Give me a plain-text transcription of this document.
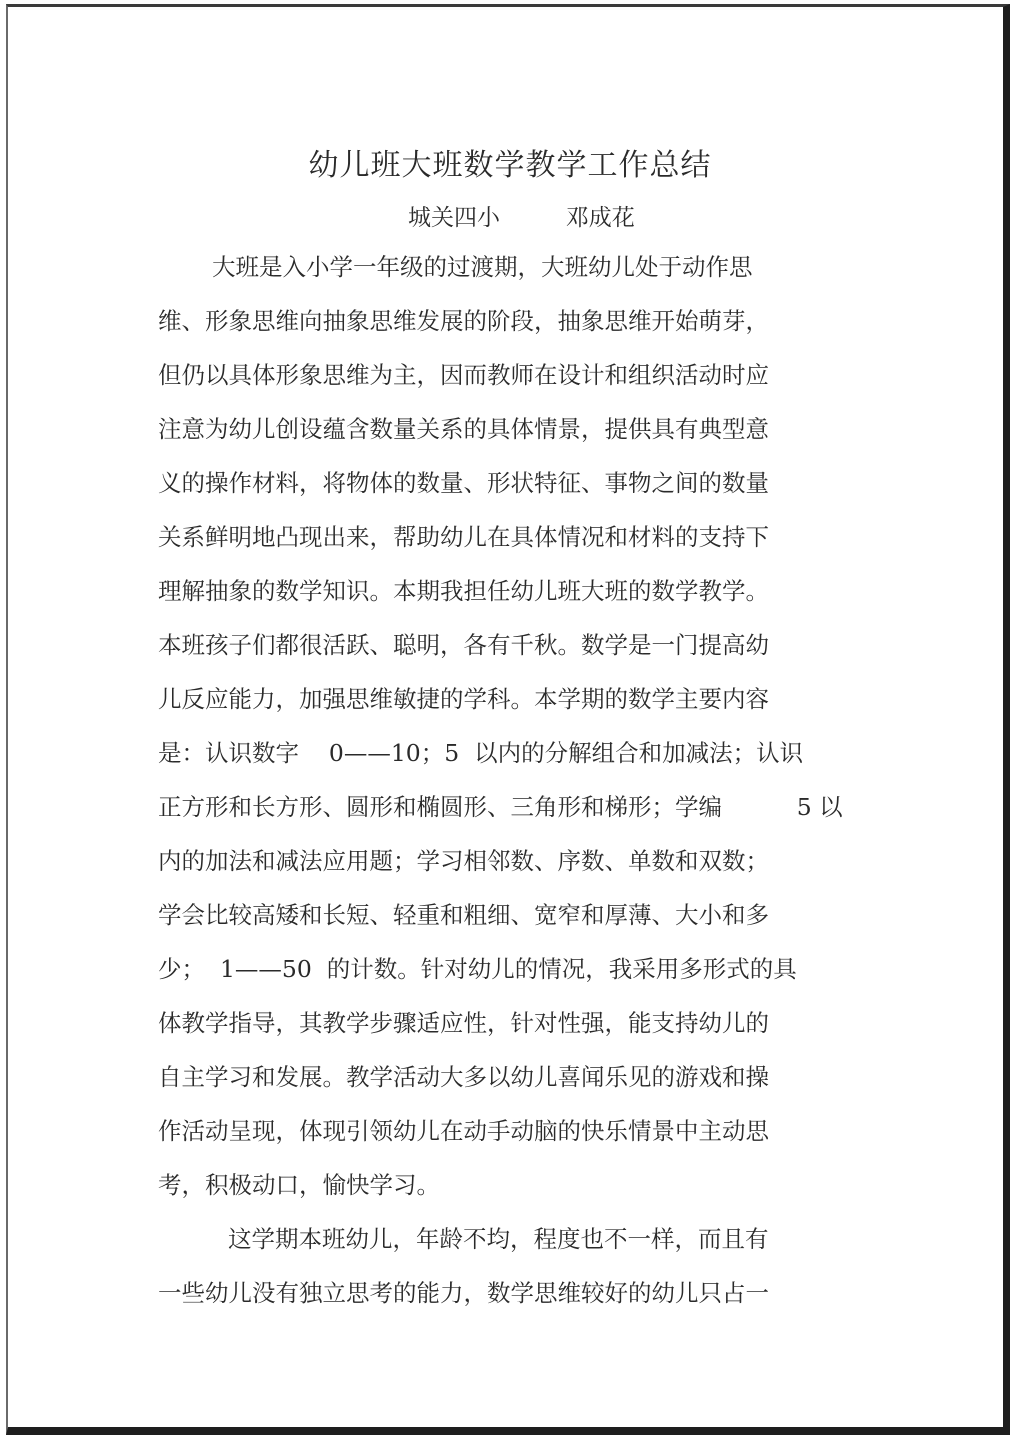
幼儿班大班数学教学工作总结
城关四小         邓成花
大班是入小学一年级的过渡期，大班幼儿处于动作思
维、形象思维向抽象思维发展的阶段，抽象思维开始萌芽，
但仍以具体形象思维为主，因而教师在设计和组织活动时应
注意为幼儿创设蕴含数量关系的具体情景，提供具有典型意
义的操作材料，将物体的数量、形状特征、事物之间的数量
关系鲜明地凸现出来，帮助幼儿在具体情况和材料的支持下
理解抽象的数学知识。本期我担任幼儿班大班的数学教学。
本班孩子们都很活跃、聪明，各有千秋。数学是一门提高幼
儿反应能力，加强思维敏捷的学科。本学期的数学主要内容
是：认识数字    0——10；5  以内的分解组合和加减法；认识
正方形和长方形、圆形和椭圆形、三角形和梯形；学编          5 以
内的加法和减法应用题；学习相邻数、序数、单数和双数；
学会比较高矮和长短、轻重和粗细、宽窄和厚薄、大小和多
少；  1——50  的计数。针对幼儿的情况，我采用多形式的具
体教学指导，其教学步骤适应性，针对性强，能支持幼儿的
自主学习和发展。教学活动大多以幼儿喜闻乐见的游戏和操
作活动呈现，体现引领幼儿在动手动脑的快乐情景中主动思
考，积极动口，愉快学习。
这学期本班幼儿，年龄不均，程度也不一样，而且有
一些幼儿没有独立思考的能力，数学思维较好的幼儿只占一
